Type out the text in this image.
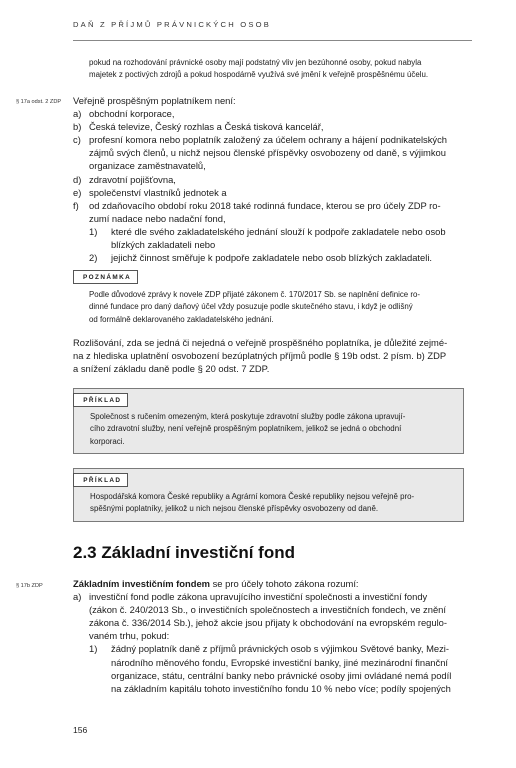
DAŇ Z PŘÍJMŮ PRÁVNICKÝCH OSOB
pokud na rozhodování právnické osoby mají podstatný vliv jen bezúhonné osoby, pokud nabyla
majetek z poctivých zdrojů a pokud hospodárně využívá své jmění k veřejně prospěšnému účelu.
§ 17a odst. 2 ZDP Veřejně prospěšným poplatníkem není:
a) obchodní korporace,
b) Česká televize, Český rozhlas a Česká tisková kancelář,
c) profesní komora nebo poplatník založený za účelem ochrany a hájení podnikatelských
zájmů svých členů, u nichž nejsou členské příspěvky osvobozeny od daně, s výjimkou
organizace zaměstnavatelů,
d) zdravotní pojišťovna,
e) společenství vlastníků jednotek a
f)	od zdaňovacího období roku 2018 také rodinná fundace, kterou se pro účely ZDP ro-
zumí nadace nebo nadační fond,
1)	které dle svého zakladatelského jednání slouží k podpoře zakladatele nebo osob
blízkých zakladateli nebo
2)	jejichž činnost směřuje k podpoře zakladatele nebo osob blízkých zakladateli.
POZNÁMKA
Podle důvodové zprávy k novele ZDP přijaté zákonem č. 170/2017 Sb. se naplnění definice ro-
dinné fundace pro daný daňový účel vždy posuzuje podle skutečného stavu, i když je odlišný
od formálně deklarovaného zakladatelského jednání.
Rozlišování, zda se jedná či nejedná o veřejně prospěšného poplatníka, je důležité zejmé-
na z hlediska uplatnění osvobození bezúplatných příjmů podle § 19b odst. 2 písm. b) ZDP
a snížení základu daně podle § 20 odst. 7 ZDP.
PŘÍKLAD
Společnost s ručením omezeným, která poskytuje zdravotní služby podle zákona upravují-
cího zdravotní služby, není veřejně prospěšným poplatníkem, jelikož se jedná o obchodní
korporaci.
PŘÍKLAD
Hospodářská komora České republiky a Agrární komora České republiky nejsou veřejně pro-
spěšnými poplatníky, jelikož u nich nejsou členské příspěvky osvobozeny od daně.
2.3 Základní investiční fond
§ 17b ZDP	Základním investičním fondem se pro účely tohoto zákona rozumí:
a) investiční fond podle zákona upravujícího investiční společnosti a investiční fondy
(zákon č. 240/2013 Sb., o investičních společnostech a investičních fondech, ve znění
zákona č. 336/2014 Sb.), jehož akcie jsou přijaty k obchodování na evropském regulo-
vaném trhu, pokud:
1)	žádný poplatník daně z příjmů právnických osob s výjimkou Světové banky, Mezi-
národního měnového fondu, Evropské investiční banky, jiné mezinárodní finanční
organizace, státu, centrální banky nebo právnické osoby jimi ovládané nemá podíl
na základním kapitálu tohoto investičního fondu 10 % nebo více; podíly spojených
156
